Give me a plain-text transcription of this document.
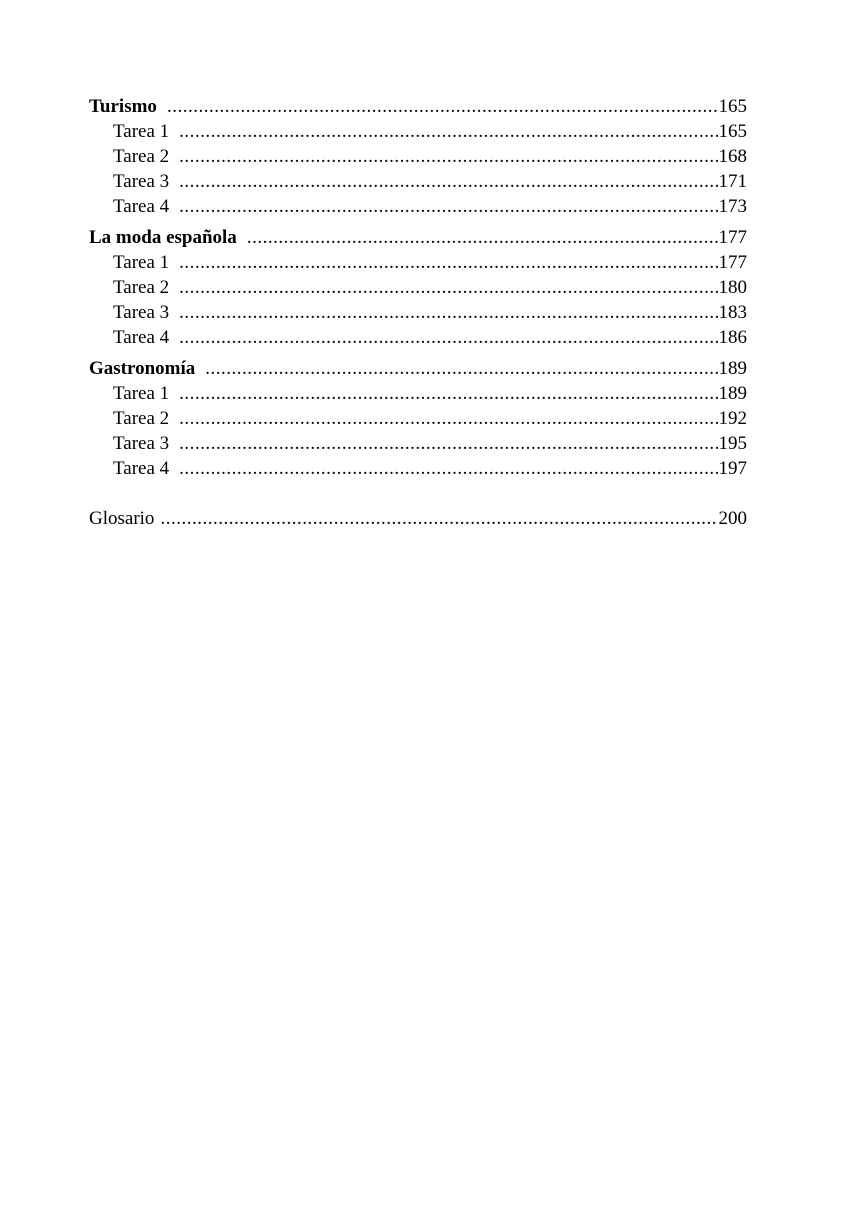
Turismo .....	165
Tarea 1 .....	165
Tarea 2 .....	168
Tarea 3 .....	171
Tarea 4 .....	173
La moda española .....	177
Tarea 1 .....	177
Tarea 2 .....	180
Tarea 3 .....	183
Tarea 4 .....	186
Gastronomía .....	189
Tarea 1 .....	189
Tarea 2 .....	192
Tarea 3 .....	195
Tarea 4 .....	197
Glosario .....	200
